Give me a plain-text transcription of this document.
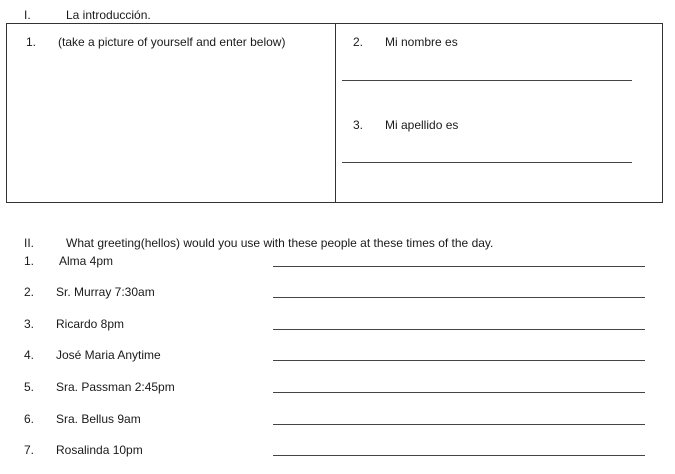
I.	La introducción.
1. (take a picture of yourself and enter below)	2. Mi nombre es
3. Mi apellido es
II.	What greeting(hellos) would you use with these people at these times of the day.
1. Alma 4pm
2. Sr. Murray 7:30am
3. Ricardo 8pm
4. José Maria Anytime
5. Sra. Passman 2:45pm
6. Sra. Bellus 9am
7. Rosalinda 10pm
